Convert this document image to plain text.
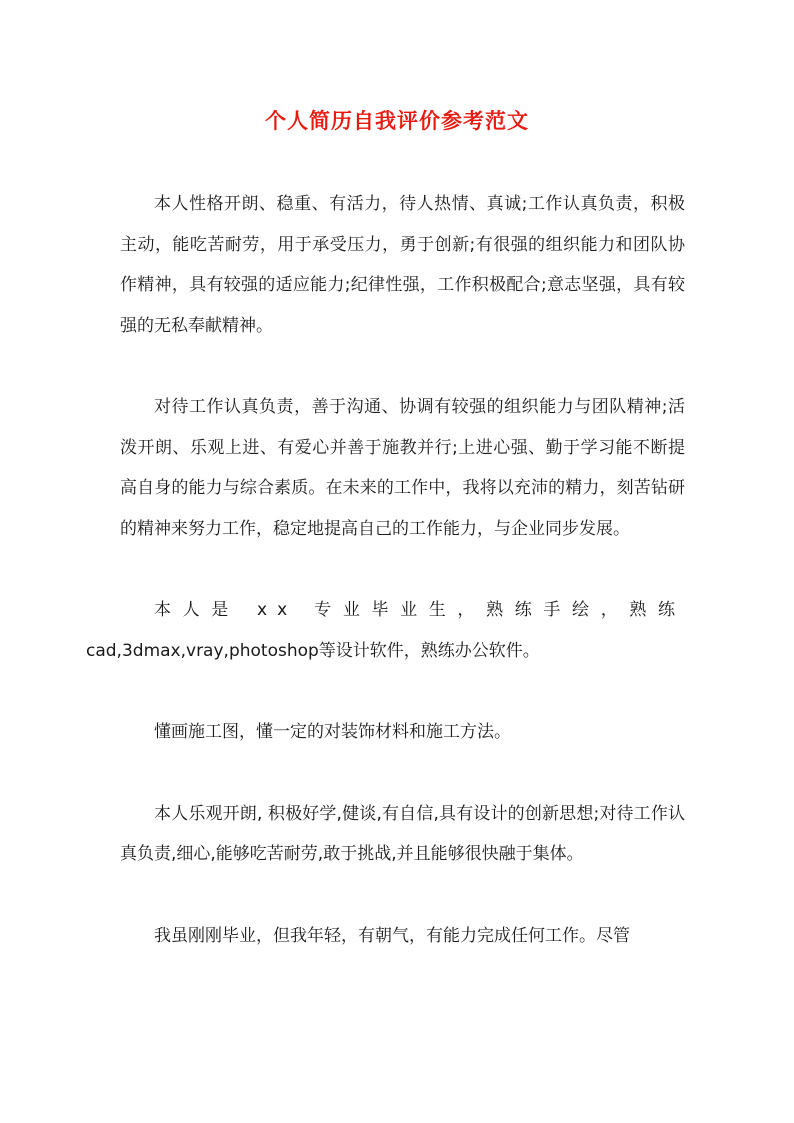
个人简历自我评价参考范文

本人性格开朗、稳重、有活力，待人热情、真诚;工作认真负责，积极主动，能吃苦耐劳，用于承受压力，勇于创新;有很强的组织能力和团队协作精神，具有较强的适应能力;纪律性强，工作积极配合;意志坚强，具有较强的无私奉献精神。

对待工作认真负责，善于沟通、协调有较强的组织能力与团队精神;活泼开朗、乐观上进、有爱心并善于施教并行;上进心强、勤于学习能不断提高自身的能力与综合素质。在未来的工作中，我将以充沛的精力，刻苦钻研的精神来努力工作，稳定地提高自己的工作能力，与企业同步发展。

本人是 xx 专业毕业生，熟练手绘，熟练
cad,3dmax,vray,photoshop等设计软件，熟练办公软件。

懂画施工图，懂一定的对装饰材料和施工方法。

本人乐观开朗, 积极好学,健谈,有自信,具有设计的创新思想;对待工作认真负责,细心,能够吃苦耐劳,敢于挑战,并且能够很快融于集体。

我虽刚刚毕业，但我年轻，有朝气，有能力完成任何工作。尽管
